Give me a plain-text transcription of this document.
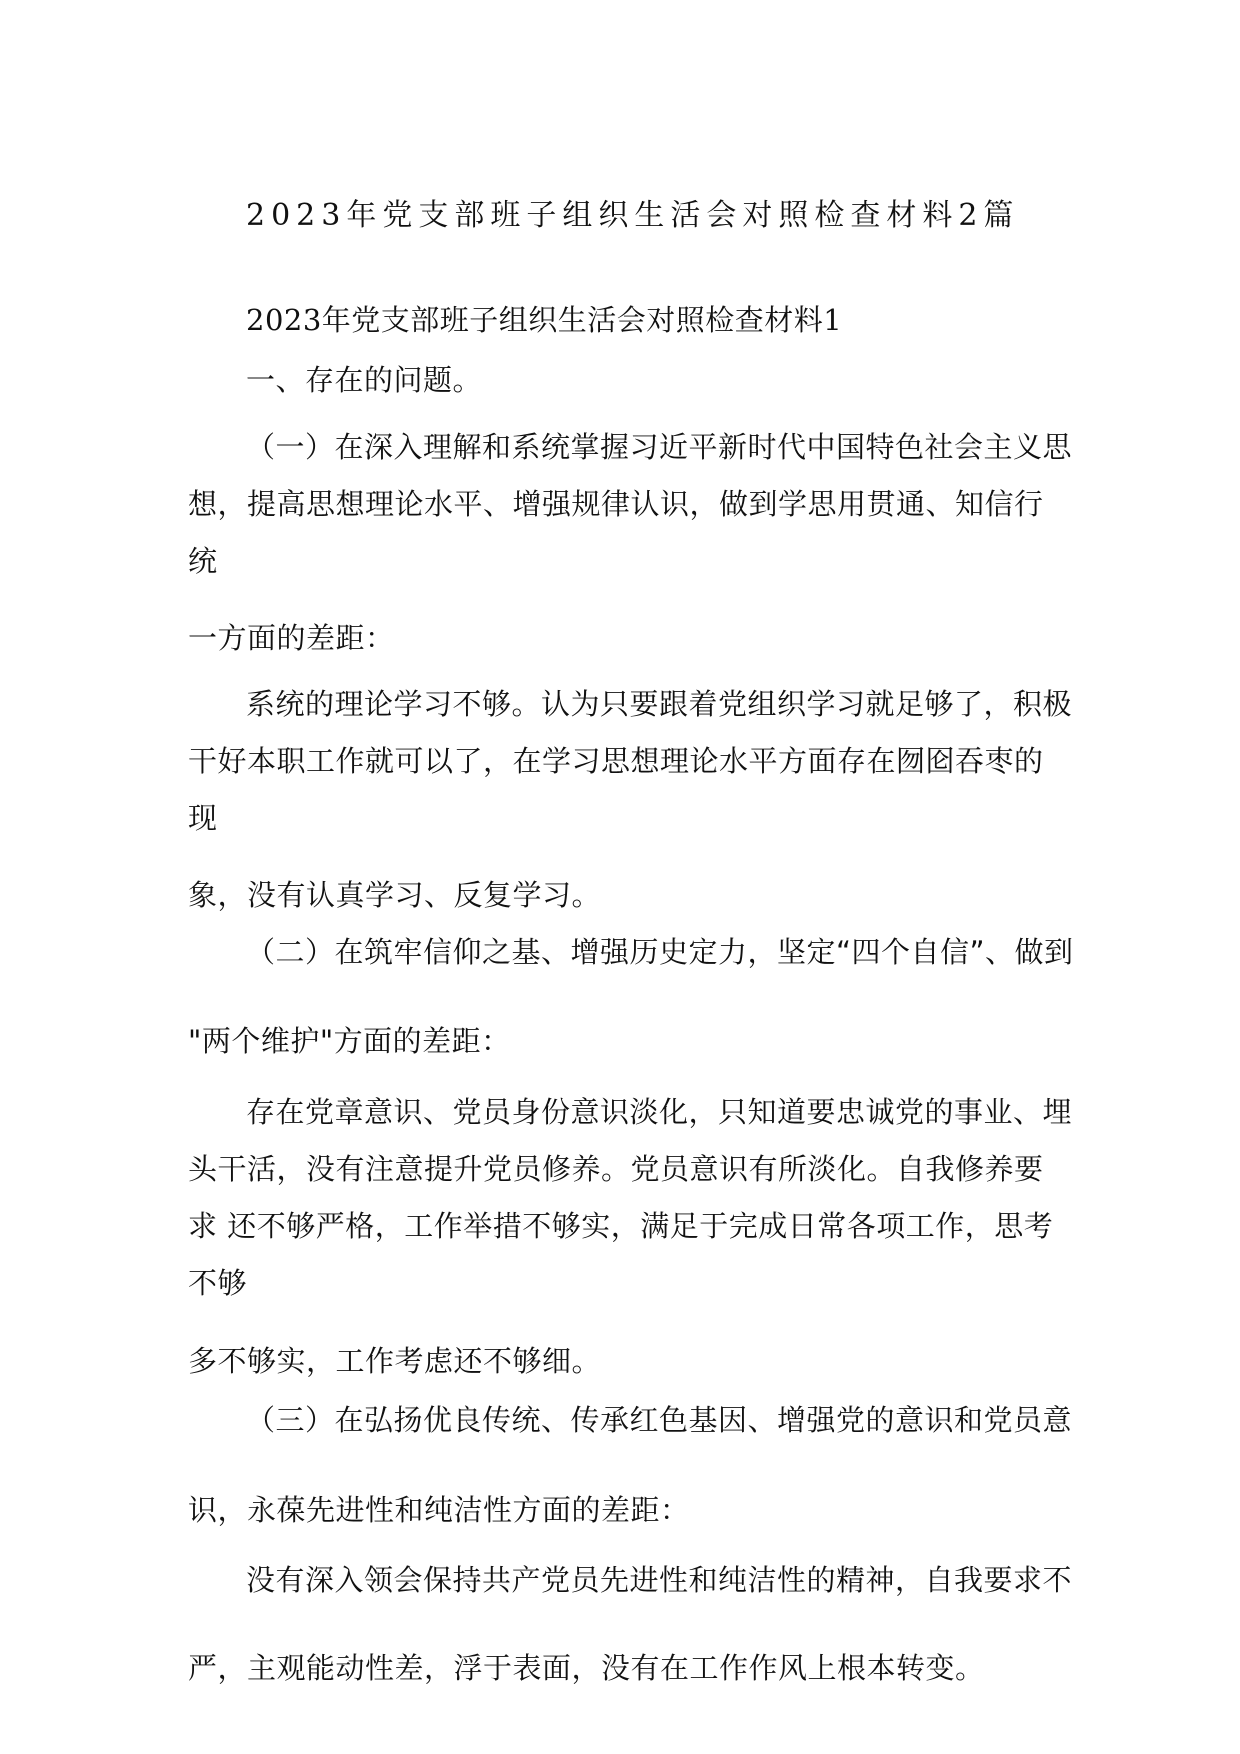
2023年党支部班子组织生活会对照检查材料2篇
2023年党支部班子组织生活会对照检查材料1
一、存在的问题。
（一）在深入理解和系统掌握习近平新时代中国特色社会主义思
想，提高思想理论水平、增强规律认识，做到学思用贯通、知信行
统
一方面的差距：
系统的理论学习不够。认为只要跟着党组织学习就足够了，积极
干好本职工作就可以了，在学习思想理论水平方面存在囫囵吞枣的
现
象，没有认真学习、反复学习。
（二）在筑牢信仰之基、增强历史定力，坚定“四个自信”、做到
"两个维护"方面的差距：
存在党章意识、党员身份意识淡化，只知道要忠诚党的事业、埋
头干活，没有注意提升党员修养。党员意识有所淡化。自我修养要
求 还不够严格，工作举措不够实，满足于完成日常各项工作，思考
不够
多不够实，工作考虑还不够细。
（三）在弘扬优良传统、传承红色基因、增强党的意识和党员意
识，永葆先进性和纯洁性方面的差距：
没有深入领会保持共产党员先进性和纯洁性的精神，自我要求不
严，主观能动性差，浮于表面，没有在工作作风上根本转变。
